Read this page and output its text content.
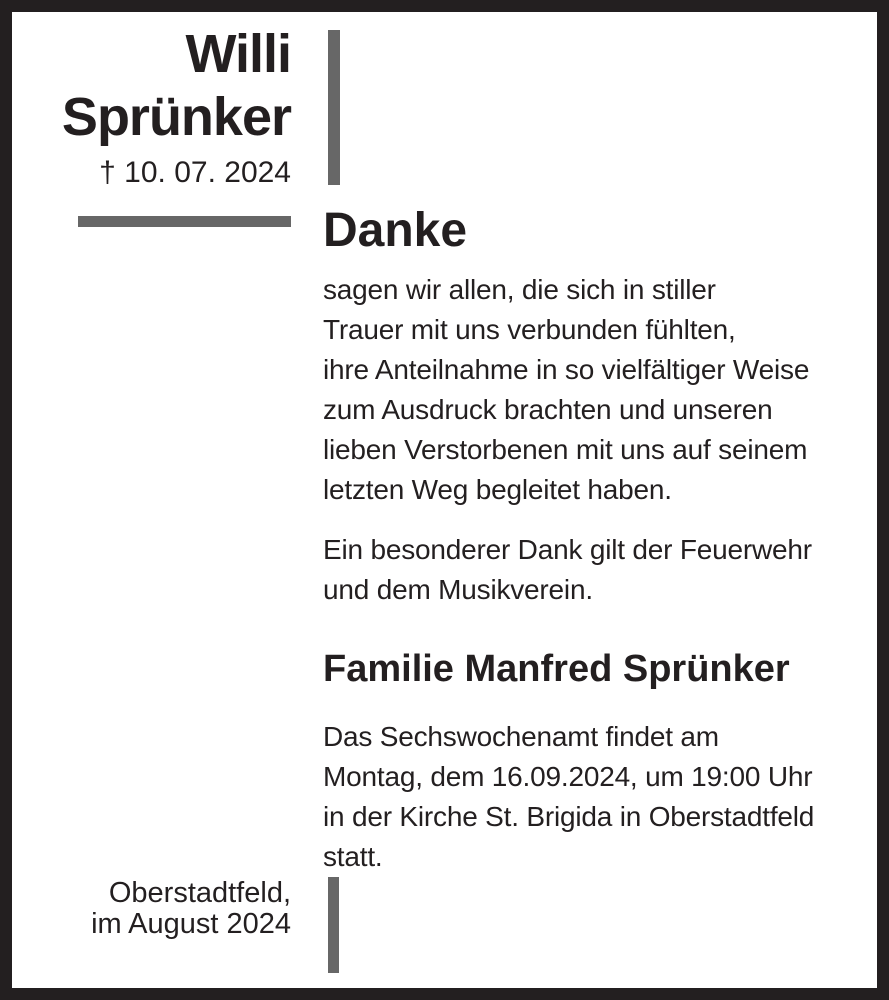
Willi
Sprünker
† 10. 07. 2024
Oberstadtfeld,
im August 2024
Danke
sagen wir allen, die sich in stiller
Trauer mit uns verbunden fühlten,
ihre Anteilnahme in so vielfältiger Weise
zum Ausdruck brachten und unseren
lieben Verstorbenen mit uns auf seinem
letzten Weg begleitet haben.
Ein besonderer Dank gilt der Feuerwehr
und dem Musikverein.
Familie Manfred Sprünker
Das Sechswochenamt findet am
Montag, dem 16.09.2024, um 19:00 Uhr
in der Kirche St. Brigida in Oberstadtfeld
statt.
